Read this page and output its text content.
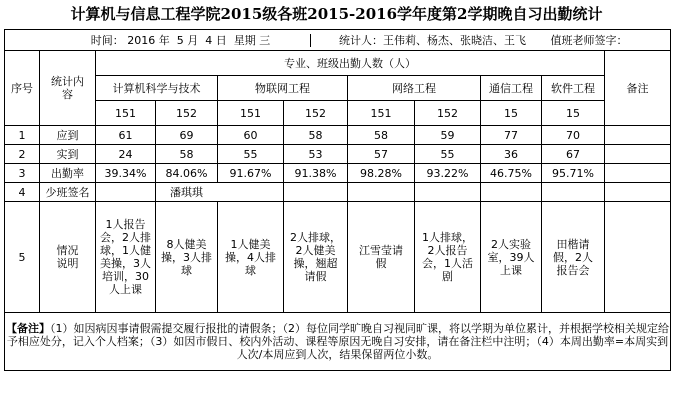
计算机与信息工程学院2015级各班2015-2016学年度第2学期晚自习出勤统计
时间： 2016 年 5 月 4 日 星期 三 统计人：王伟莉、杨杰、张晓洁、王飞 值班老师签字：										
序号	统计内容	专业、班级出勤人数（人）								备注
		计算机科学与技术		物联网工程		网络工程		通信工程	软件工程	
		151	152	151	152	151	152	15	15	
1	应到	61	69	60	58	58	59	77	70	
2	实到	24	58	55	53	57	55	36	67	
3	出勤率	39.34%	84.06%	91.67%	91.38%	98.28%	93.22%	46.75%	95.71%	
4	少班签名		潘琪琪							
5	情况说明	1人报告会，2人排球，1人健美操，3人培训，30人上课	8人健美操，3人排球	1人健美操，4人排球	2人排球，2人健美操，翘超请假	江雪莹请假	1人排球，2人报告会，1人活剧	2人实验室，39人上课	田楷请假，2人报告会	
【备注】（1）如因病因事请假需提交履行报批的请假条；（2）每位同学旷晚自习视同旷课，将以学期为单位累计，并根据学校相关规定给予相应处分，记入个人档案；（3）如因市假日、校内外活动、课程等原因无晚自习安排，请在备注栏中注明；（4）本周出勤率=本周实到人次/本周应到人次，结果保留两位小数。										
